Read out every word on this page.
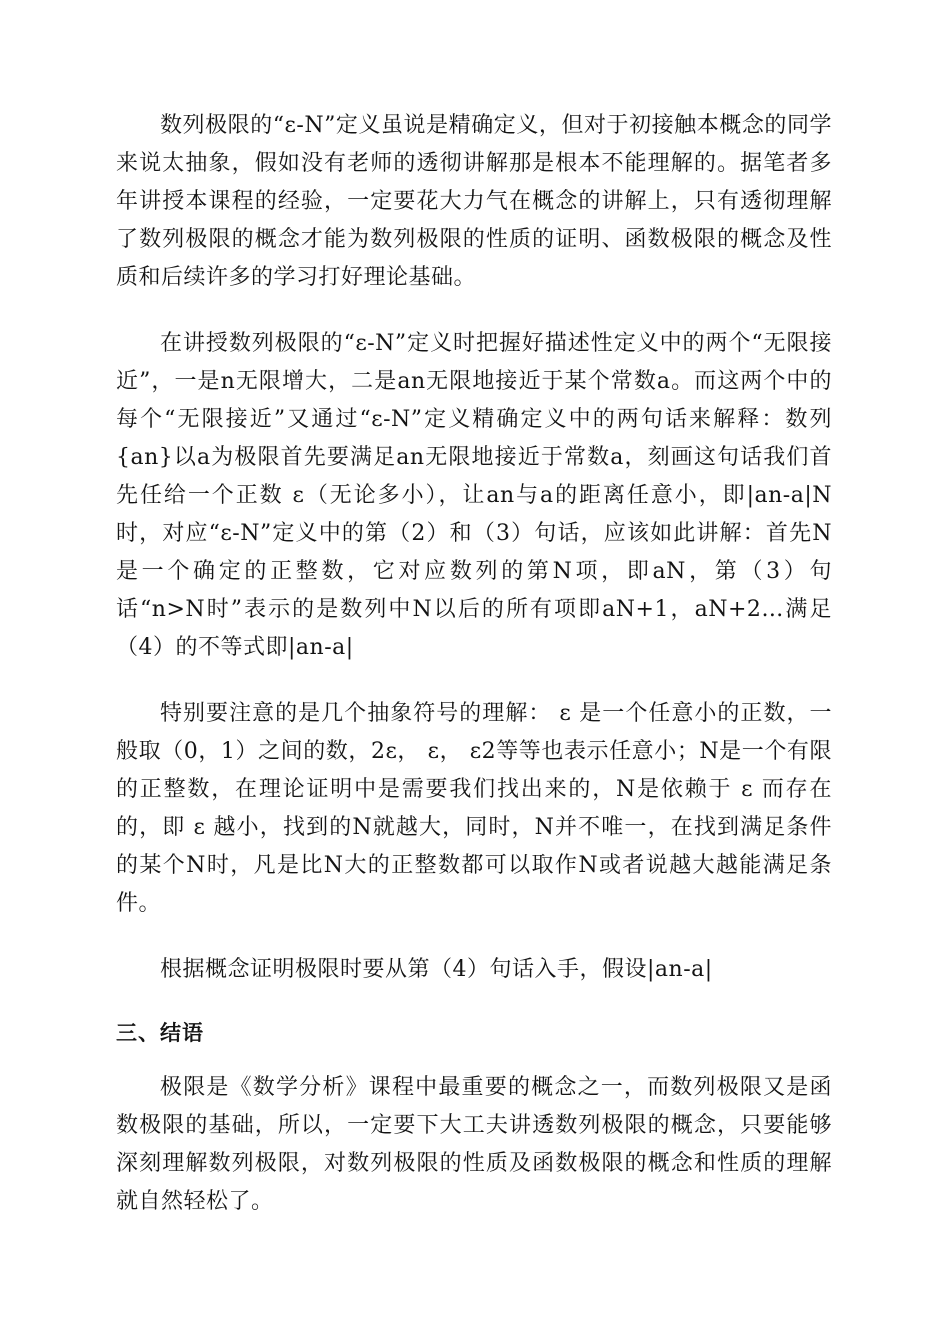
数列极限的“ε-N”定义虽说是精确定义，但对于初接触本概念的同学来说太抽象，假如没有老师的透彻讲解那是根本不能理解的。据笔者多年讲授本课程的经验，一定要花大力气在概念的讲解上，只有透彻理解了数列极限的概念才能为数列极限的性质的证明、函数极限的概念及性质和后续许多的学习打好理论基础。

在讲授数列极限的“ε-N”定义时把握好描述性定义中的两个“无限接近”，一是n无限增大，二是an无限地接近于某个常数a。而这两个中的每个“无限接近”又通过“ε-N”定义精确定义中的两句话来解释：数列{an}以a为极限首先要满足an无限地接近于常数a，刻画这句话我们首先任给一个正数 ε（无论多小），让an与a的距离任意小，即|an-a|N时，对应“ε-N”定义中的第（2）和（3）句话，应该如此讲解：首先N是一个确定的正整数，它对应数列的第N项，即aN，第（3）句话“n>N时”表示的是数列中N以后的所有项即aN+1，aN+2…满足（4）的不等式即|an-a|

特别要注意的是几个抽象符号的理解： ε 是一个任意小的正数，一般取（0，1）之间的数，2ε， ε， ε2等等也表示任意小；N是一个有限的正整数，在理论证明中是需要我们找出来的，N是依赖于 ε 而存在的，即 ε 越小，找到的N就越大，同时，N并不唯一，在找到满足条件的某个N时，凡是比N大的正整数都可以取作N或者说越大越能满足条件。

根据概念证明极限时要从第（4）句话入手，假设|an-a|

三、结语

极限是《数学分析》课程中最重要的概念之一，而数列极限又是函数极限的基础，所以，一定要下大工夫讲透数列极限的概念，只要能够深刻理解数列极限，对数列极限的性质及函数极限的概念和性质的理解就自然轻松了。
